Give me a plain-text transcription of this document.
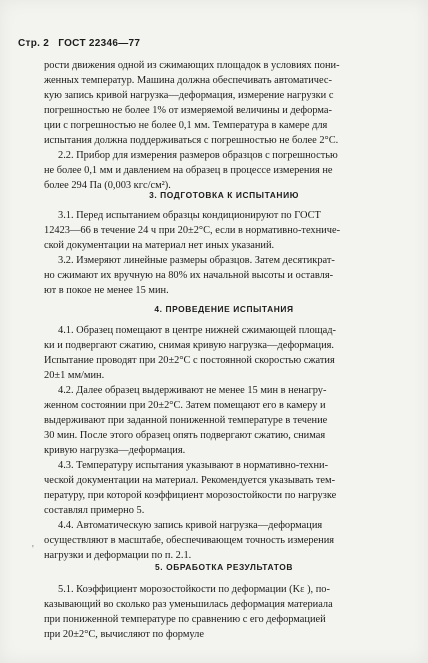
Стр. 2 ГОСТ 22346—77
рости движения одной из сжимающих площадок в условиях пони-
женных температур. Машина должна обеспечивать автоматичес-
кую запись кривой нагрузка—деформация, измерение нагрузки с
погрешностью не более 1% от измеряемой величины и деформа-
ции с погрешностью не более 0,1 мм. Температура в камере для
испытания должна поддерживаться с погрешностью не более 2°С.
2.2. Прибор для измерения размеров образцов с погрешностью
не более 0,1 мм и давлением на образец в процессе измерения не
более 294 Па (0,003 кгс/см²).
3. ПОДГОТОВКА К ИСПЫТАНИЮ
3.1. Перед испытанием образцы кондиционируют по ГОСТ
12423—66 в течение 24 ч при 20±2°С, если в нормативно-техниче-
ской документации на материал нет иных указаний.
3.2. Измеряют линейные размеры образцов. Затем десятикрат-
но сжимают их вручную на 80% их начальной высоты и оставля-
ют в покое не менее 15 мин.
4. ПРОВЕДЕНИЕ ИСПЫТАНИЯ
4.1. Образец помещают в центре нижней сжимающей площад-
ки и подвергают сжатию, снимая кривую нагрузка—деформация.
Испытание проводят при 20±2°С с постоянной скоростью сжатия
20±1 мм/мин.
4.2. Далее образец выдерживают не менее 15 мин в ненагру-
женном состоянии при 20±2°С. Затем помещают его в камеру и
выдерживают при заданной пониженной температуре в течение
30 мин. После этого образец опять подвергают сжатию, снимая
кривую нагрузка—деформация.
4.3. Температуру испытания указывают в нормативно-техни-
ческой документации на материал. Рекомендуется указывать тем-
пературу, при которой коэффициент морозостойкости по нагрузке
составлял примерно 5.
4.4. Автоматическую запись кривой нагрузка—деформация
осуществляют в масштабе, обеспечивающем точность измерения
нагрузки и деформации по п. 2.1.
'
5. ОБРАБОТКА РЕЗУЛЬТАТОВ
5.1. Коэффициент морозостойкости по деформации (Kε ), по-
казывающий во сколько раз уменьшилась деформация материала
при пониженной температуре по сравнению с его деформацией
при 20±2°С, вычисляют по формуле
